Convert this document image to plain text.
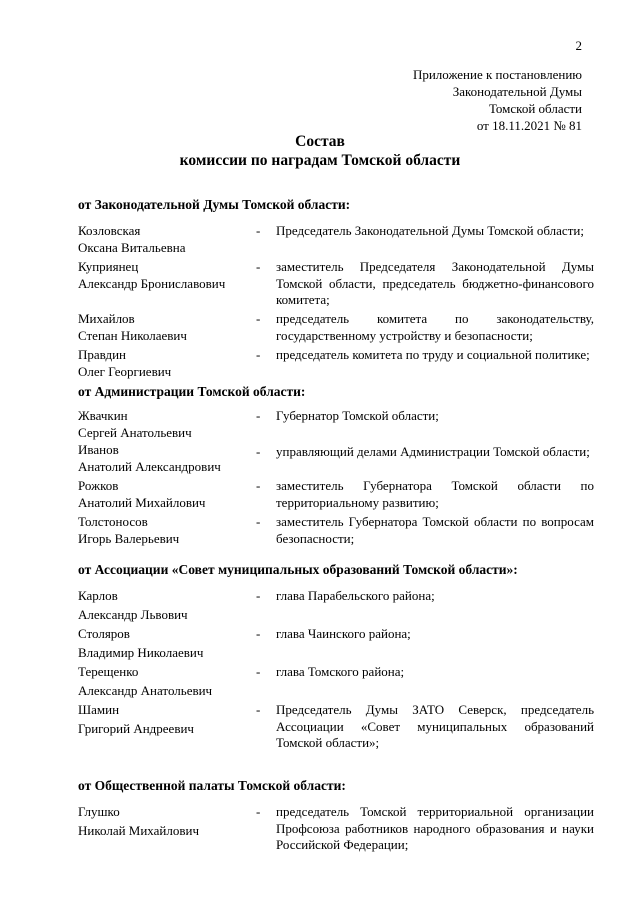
2
Приложение к постановлению
Законодательной Думы
Томской области
от 18.11.2021 № 81
Состав
комиссии по наградам Томской области
от Законодательной Думы Томской области:
Козловская
Оксана Витальевна
- Председатель Законодательной Думы Томской области;
Куприянец
Александр Брониславович
- заместитель Председателя Законодательной Думы Томской области, председатель бюджетно-финансового комитета;
Михайлов
Степан Николаевич
- председатель комитета по законодательству, государственному устройству и безопасности;
Правдин
Олег Георгиевич
- председатель комитета по труду и социальной политике;
от Администрации Томской области:
Жвачкин
Сергей Анатольевич
- Губернатор Томской области;
Иванов
Анатолий Александрович
- управляющий делами Администрации Томской области;
Рожков
Анатолий Михайлович
- заместитель Губернатора Томской области по территориальному развитию;
Толстоносов
Игорь Валерьевич
- заместитель Губернатора Томской области по вопросам безопасности;
от Ассоциации «Совет муниципальных образований Томской области»:
Карлов
Александр Львович
- глава Парабельского района;
Столяров
Владимир Николаевич
- глава Чаинского района;
Терещенко
Александр Анатольевич
- глава Томского района;
Шамин
Григорий Андреевич
- Председатель Думы ЗАТО Северск, председатель Ассоциации «Совет муниципальных образований Томской области»;
от Общественной палаты Томской области:
Глушко
Николай Михайлович
- председатель Томской территориальной организации Профсоюза работников народного образования и науки Российской Федерации;
